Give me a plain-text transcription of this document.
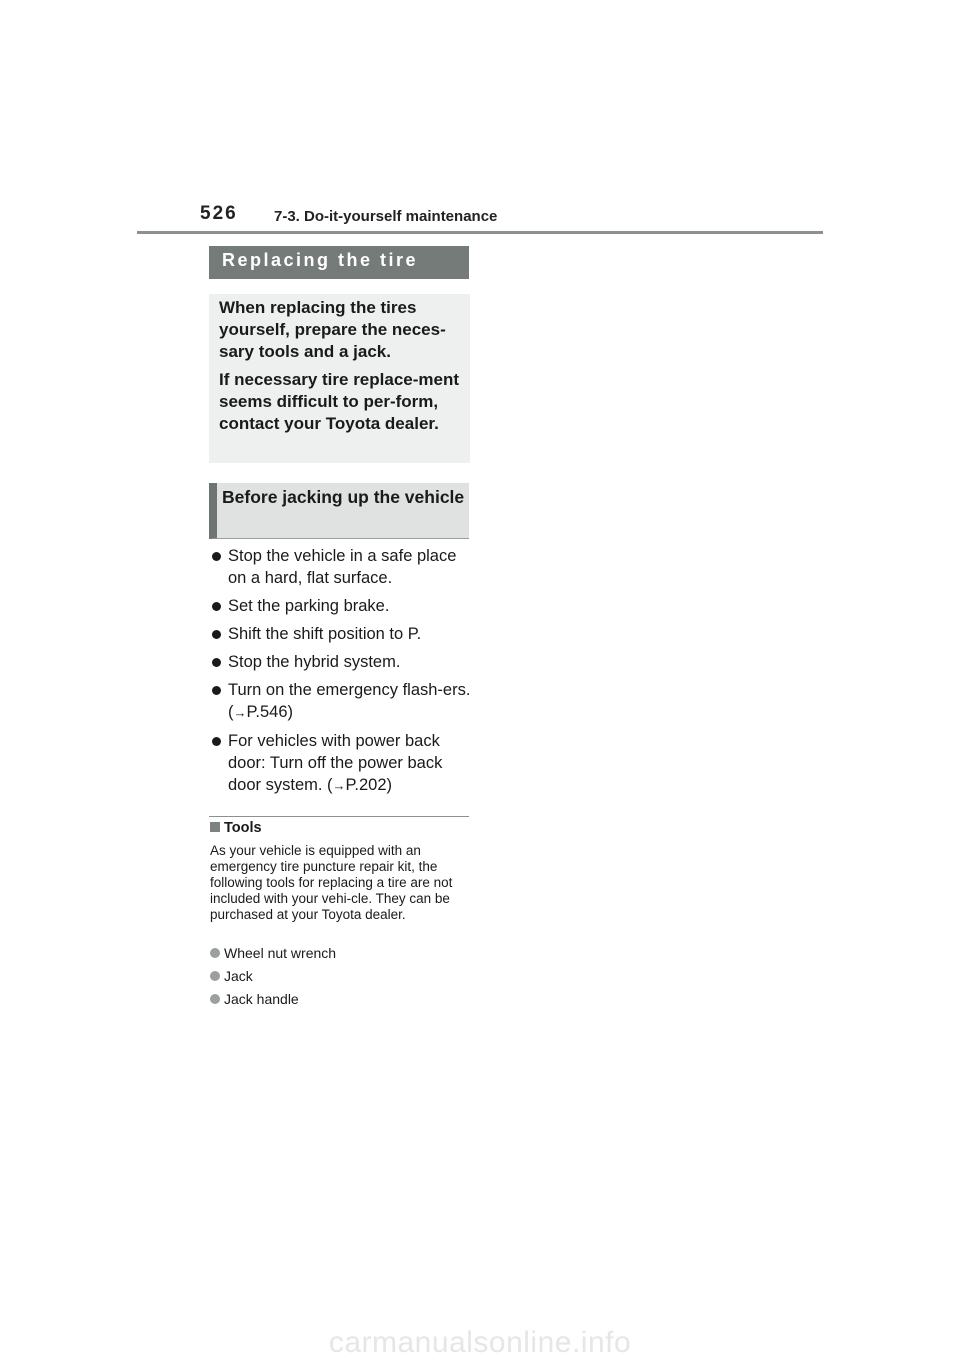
526 7-3. Do-it-yourself maintenance
Replacing the tire

When replacing the tires yourself, prepare the neces-sary tools and a jack.

If necessary tire replace-ment seems difficult to per-form, contact your Toyota dealer.

Before jacking up the vehicle
Stop the vehicle in a safe place on a hard, flat surface.
Set the parking brake.
Shift the shift position to P.
Stop the hybrid system.
Turn on the emergency flash-ers. (→P.546)
For vehicles with power back door: Turn off the power back door system. (→P.202)
Tools
As your vehicle is equipped with an emergency tire puncture repair kit, the following tools for replacing a tire are not included with your vehi-cle. They can be purchased at your Toyota dealer.
Wheel nut wrench
Jack
Jack handle
carmanualsonline.info
